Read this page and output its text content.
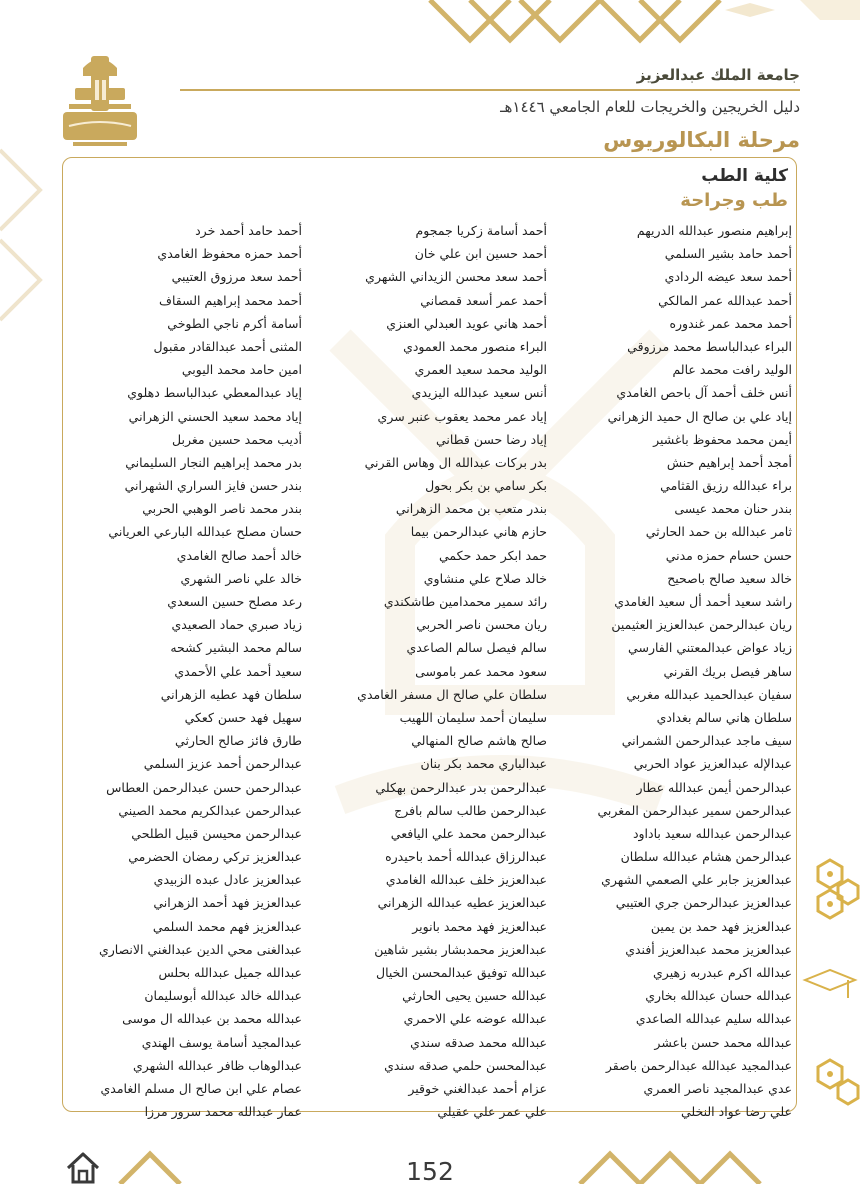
جامعة الملك عبدالعزيز

دليل الخريجين والخريجات للعام الجامعي ١٤٤٦هـ

مرحلة البكالوريوس
كلية الطب
طب وجراحة
إبراهيم منصور عبدالله الدريهم
أحمد أسامة زكريا جمجوم
أحمد حامد أحمد خرد
أحمد حامد بشير السلمي
أحمد حسين ابن علي خان
أحمد حمزه محفوظ الغامدي
أحمد سعد عيضه الردادي
أحمد سعد محسن الزيداني الشهري
أحمد سعد مرزوق العتيبي
أحمد عبدالله عمر المالكي
أحمد عمر أسعد قمصاني
أحمد محمد إبراهيم السقاف
أحمد محمد عمر غندوره
أحمد هاني عويد العبدلي العنزي
أسامة أكرم ناجي الطوخي
البراء عبدالباسط محمد مرزوقي
البراء منصور محمد العمودي
المثنى أحمد عبدالقادر مقبول
الوليد رافت محمد عالم
الوليد محمد سعيد العمري
امين حامد محمد اليوبي
أنس خلف أحمد آل باحص الغامدي
أنس سعيد عبدالله اليزيدي
إياد عبدالمعطي عبدالباسط دهلوي
إياد علي بن صالح ال حميد الزهراني
إياد عمر محمد يعقوب عنبر سري
إياد محمد سعيد الحسني الزهراني
أيمن محمد محفوظ باغشير
إياد رضا حسن قطاني
أديب محمد حسين مغربل
أمجد أحمد إبراهيم حنش
بدر بركات عبدالله ال وهاس القرني
بدر محمد إبراهيم النجار السليماني
براء عبدالله رزيق القثامي
بكر سامي بن بكر بحول
بندر حسن فايز السراري الشهراني
بندر حنان محمد عيسى
بندر متعب بن محمد الزهراني
بندر محمد ناصر الوهبي الحربي
ثامر عبدالله بن حمد الحارثي
حازم هاني عبدالرحمن بيما
حسان مصلح عبدالله البارعي العرياني
حسن حسام حمزه مدني
حمد ابكر حمد حكمي
خالد أحمد صالح الغامدي
خالد سعيد صالح باصحيح
خالد صلاح علي منشاوي
خالد علي ناصر الشهري
راشد سعيد أحمد أل سعيد الغامدي
رائد سمير محمدامين طاشكندي
رعد مصلح حسين السعدي
ريان عبدالرحمن عبدالعزيز العثيمين
ريان محسن ناصر الحربي
زياد صبري حماد الصعيدي
زياد عواض عبدالمعتني الفارسي
سالم فيصل سالم الصاعدي
سالم محمد البشير كشحه
ساهر فيصل بريك القرني
سعود محمد عمر باموسى
سعيد أحمد علي الأحمدي
سفيان عبدالحميد عبدالله مغربي
سلطان علي صالح ال مسفر الغامدي
سلطان فهد عطيه الزهراني
سلطان هاني سالم بغدادي
سليمان أحمد سليمان اللهيب
سهيل فهد حسن كعكي
سيف ماجد عبدالرحمن الشمراني
صالح هاشم صالح المنهالي
طارق فائز صالح الحارثي
عبدالإله عبدالعزيز عواد الحربي
عبدالباري محمد بكر بنان
عبدالرحمن أحمد عزيز السلمي
عبدالرحمن أيمن عبدالله عطار
عبدالرحمن بدر عبدالرحمن بهكلي
عبدالرحمن حسن عبدالرحمن العطاس
عبدالرحمن سمير عبدالرحمن المغربي
عبدالرحمن طالب سالم بافرج
عبدالرحمن عبدالكريم محمد الصيني
عبدالرحمن عبدالله سعيد باداود
عبدالرحمن محمد علي اليافعي
عبدالرحمن محيسن قبيل الطلحي
عبدالرحمن هشام عبدالله سلطان
عبدالرزاق عبدالله أحمد باحيدره
عبدالعزيز تركي رمضان الحضرمي
عبدالعزيز جابر علي الصعمي الشهري
عبدالعزيز خلف عبدالله الغامدي
عبدالعزيز عادل عبده الزبيدي
عبدالعزيز عبدالرحمن جري العتيبي
عبدالعزيز عطيه عبدالله الزهراني
عبدالعزيز فهد أحمد الزهراني
عبدالعزيز فهد حمد بن يمين
عبدالعزيز فهد محمد بانوير
عبدالعزيز فهم محمد السلمي
عبدالعزيز محمد عبدالعزيز أفندي
عبدالعزيز محمدبشار بشير شاهين
عبدالغنى محي الدين عبدالغني الانصاري
عبدالله اكرم عبدربه زهيري
عبدالله توفيق عبدالمحسن الخيال
عبدالله جميل عبدالله بحلس
عبدالله حسان عبدالله بخاري
عبدالله حسين يحيى الحارثي
عبدالله خالد عبدالله أبوسليمان
عبدالله سليم عبدالله الصاعدي
عبدالله عوضه علي الاحمري
عبدالله محمد بن عبدالله ال موسى
عبدالله محمد حسن باعشر
عبدالله محمد صدقه سندي
عبدالمجيد أسامة يوسف الهندي
عبدالمجيد عبدالله عبدالرحمن باصقر
عبدالمحسن حلمي صدقه سندي
عبدالوهاب ظافر عبدالله الشهري
عدي عبدالمجيد ناصر العمري
عزام أحمد عبدالغني خوقير
عصام علي ابن صالح ال مسلم الغامدي
علي رضا عواد النخلي
علي عمر علي عقيلي
عمار عبدالله محمد سرور مرزا
152
